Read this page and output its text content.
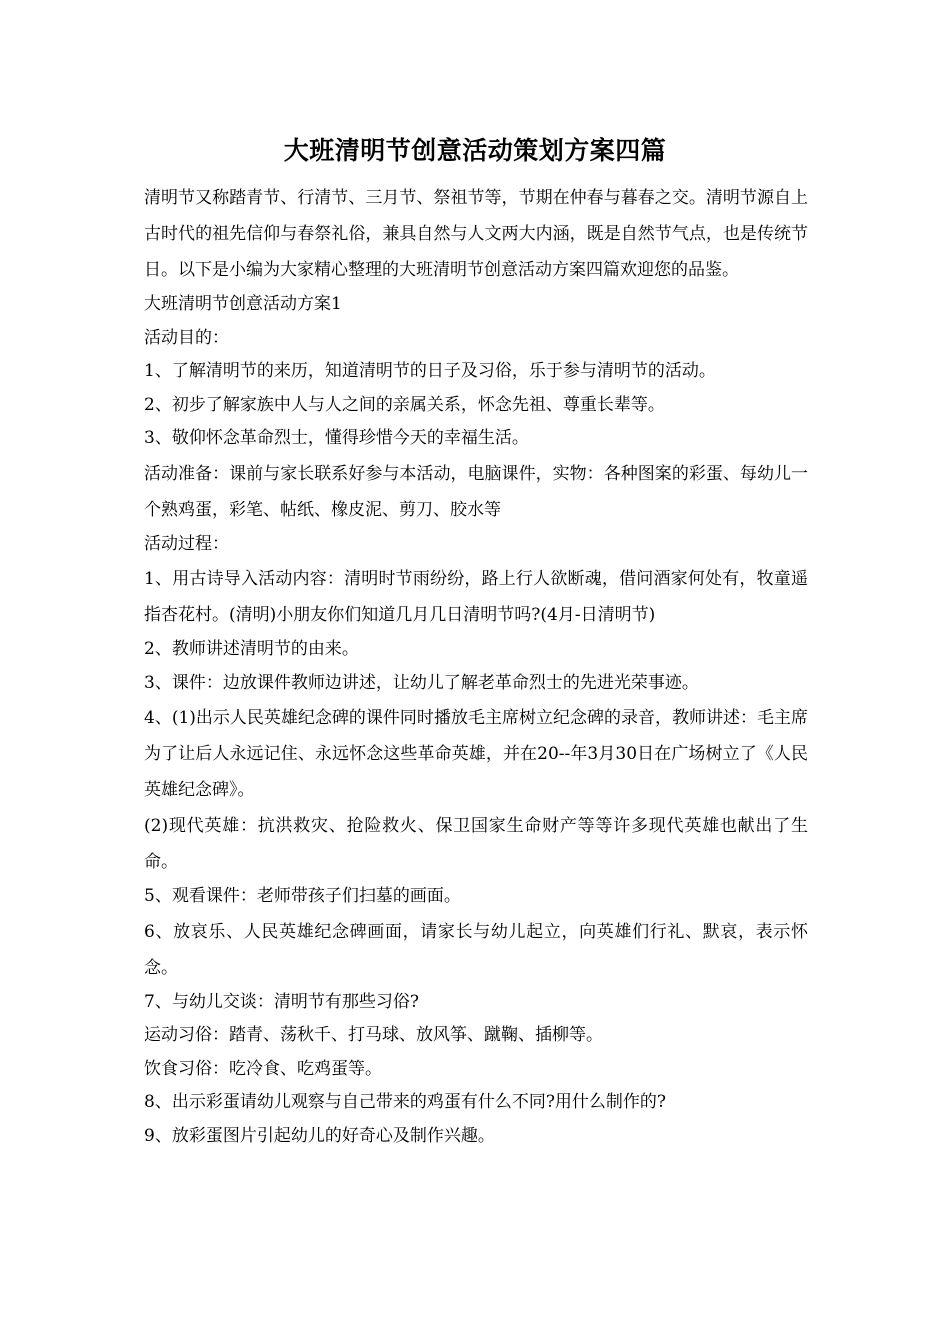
大班清明节创意活动策划方案四篇

清明节又称踏青节、行清节、三月节、祭祖节等，节期在仲春与暮春之交。清明节源自上古时代的祖先信仰与春祭礼俗，兼具自然与人文两大内涵，既是自然节气点，也是传统节日。以下是小编为大家精心整理的大班清明节创意活动方案四篇欢迎您的品鉴。

大班清明节创意活动方案1

活动目的：

1、了解清明节的来历，知道清明节的日子及习俗，乐于参与清明节的活动。

2、初步了解家族中人与人之间的亲属关系，怀念先祖、尊重长辈等。

3、敬仰怀念革命烈士，懂得珍惜今天的幸福生活。

活动准备：课前与家长联系好参与本活动，电脑课件，实物：各种图案的彩蛋、每幼儿一个熟鸡蛋，彩笔、帖纸、橡皮泥、剪刀、胶水等

活动过程：

1、用古诗导入活动内容：清明时节雨纷纷，路上行人欲断魂，借问酒家何处有，牧童遥指杏花村。(清明)小朋友你们知道几月几日清明节吗?(4月-日清明节)

2、教师讲述清明节的由来。

3、课件：边放课件教师边讲述，让幼儿了解老革命烈士的先进光荣事迹。

4、(1)出示人民英雄纪念碑的课件同时播放毛主席树立纪念碑的录音，教师讲述：毛主席为了让后人永远记住、永远怀念这些革命英雄，并在20--年3月30日在广场树立了《人民英雄纪念碑》。

(2)现代英雄：抗洪救灾、抢险救火、保卫国家生命财产等等许多现代英雄也献出了生命。

5、观看课件：老师带孩子们扫墓的画面。

6、放哀乐、人民英雄纪念碑画面，请家长与幼儿起立，向英雄们行礼、默哀，表示怀念。

7、与幼儿交谈：清明节有那些习俗?

运动习俗：踏青、荡秋千、打马球、放风筝、蹴鞠、插柳等。

饮食习俗：吃冷食、吃鸡蛋等。

8、出示彩蛋请幼儿观察与自己带来的鸡蛋有什么不同?用什么制作的?

9、放彩蛋图片引起幼儿的好奇心及制作兴趣。
